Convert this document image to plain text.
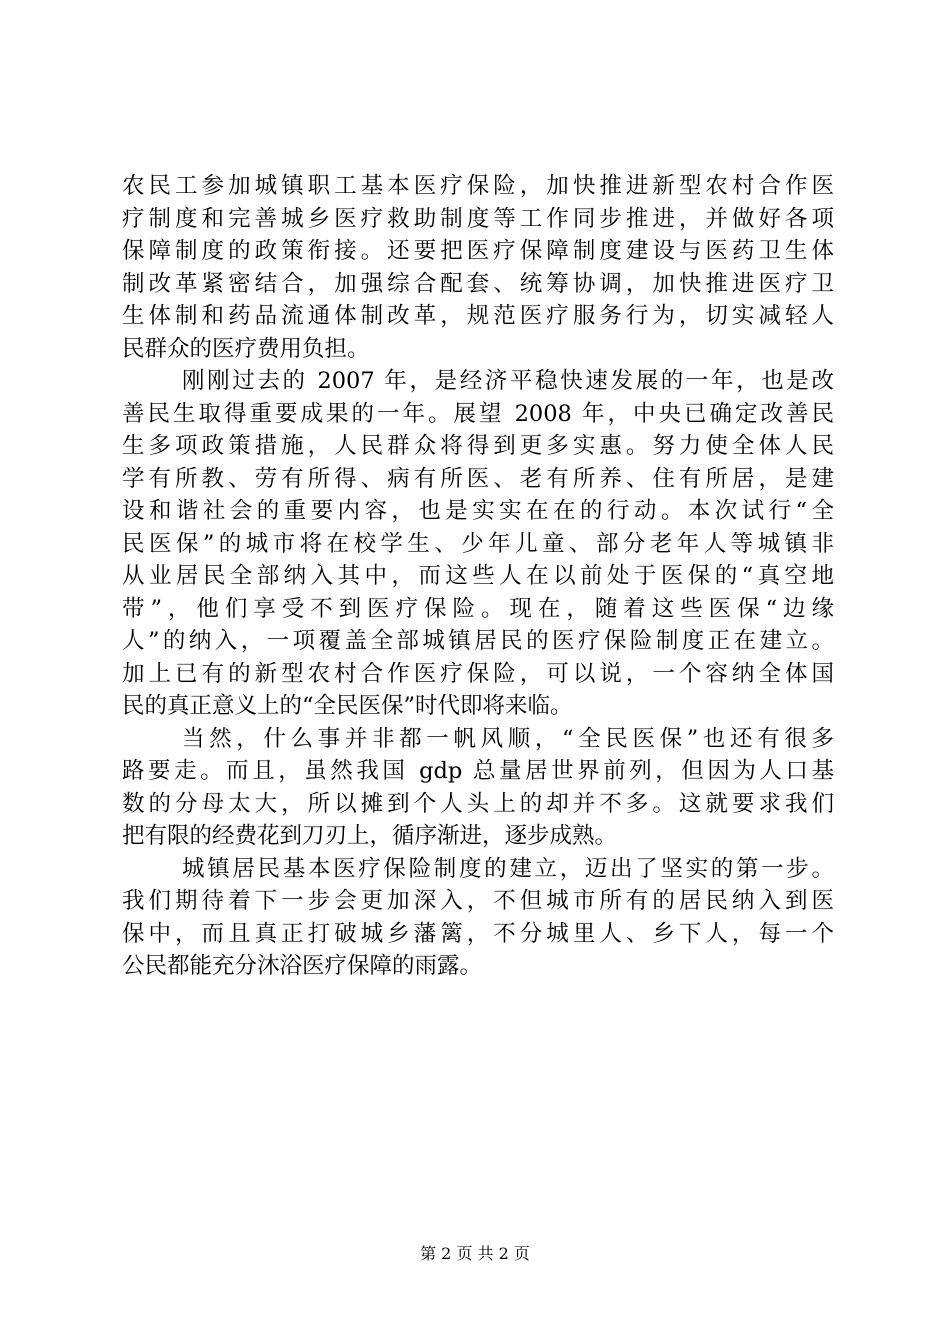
农民工参加城镇职工基本医疗保险，加快推进新型农村合作医
疗制度和完善城乡医疗救助制度等工作同步推进，并做好各项
保障制度的政策衔接。还要把医疗保障制度建设与医药卫生体
制改革紧密结合，加强综合配套、统筹协调，加快推进医疗卫
生体制和药品流通体制改革，规范医疗服务行为，切实减轻人
民群众的医疗费用负担。
刚刚过去的 2007 年，是经济平稳快速发展的一年，也是改
善民生取得重要成果的一年。展望 2008 年，中央已确定改善民
生多项政策措施，人民群众将得到更多实惠。努力使全体人民
学有所教、劳有所得、病有所医、老有所养、住有所居，是建
设和谐社会的重要内容，也是实实在在的行动。本次试行“全
民医保”的城市将在校学生、少年儿童、部分老年人等城镇非
从业居民全部纳入其中，而这些人在以前处于医保的“真空地
带”，他们享受不到医疗保险。现在，随着这些医保“边缘
人”的纳入，一项覆盖全部城镇居民的医疗保险制度正在建立。
加上已有的新型农村合作医疗保险，可以说，一个容纳全体国
民的真正意义上的“全民医保”时代即将来临。
当然，什么事并非都一帆风顺，“全民医保”也还有很多
路要走。而且，虽然我国 gdp 总量居世界前列，但因为人口基
数的分母太大，所以摊到个人头上的却并不多。这就要求我们
把有限的经费花到刀刃上，循序渐进，逐步成熟。
城镇居民基本医疗保险制度的建立，迈出了坚实的第一步。
我们期待着下一步会更加深入，不但城市所有的居民纳入到医
保中，而且真正打破城乡藩篱，不分城里人、乡下人，每一个
公民都能充分沐浴医疗保障的雨露。
第 2 页 共 2 页
